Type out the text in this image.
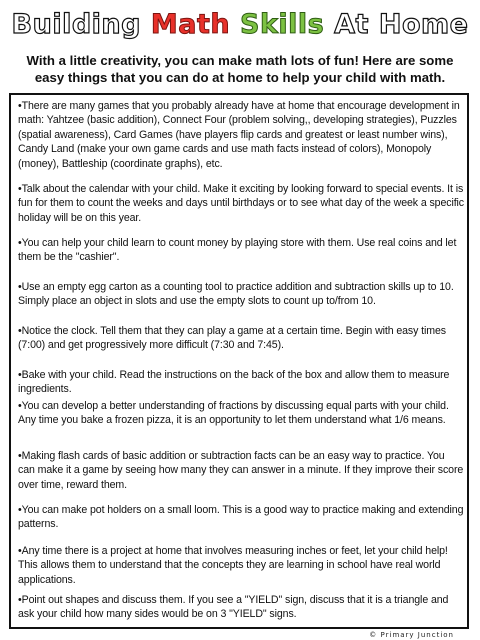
Building Math Skills At Home
With a little creativity, you can make math lots of fun! Here are some easy things that you can do at home to help your child with math.

•There are many games that you probably already have at home that encourage development in math: Yahtzee (basic addition), Connect Four (problem solving,, developing strategies), Puzzles (spatial awareness), Card Games (have players flip cards and greatest or least number wins), Candy Land (make your own game cards and use math facts instead of colors), Monopoly (money), Battleship (coordinate graphs), etc.

•Talk about the calendar with your child. Make it exciting by looking forward to special events. It is fun for them to count the weeks and days until birthdays or to see what day of the week a specific holiday will be on this year.

•You can help your child learn to count money by playing store with them. Use real coins and let them be the "cashier".

•Use an empty egg carton as a counting tool to practice addition and subtraction skills up to 10. Simply place an object in slots and use the empty slots to count up to/from 10.

•Notice the clock. Tell them that they can play a game at a certain time. Begin with easy times (7:00) and get progressively more difficult (7:30 and 7:45).

•Bake with your child. Read the instructions on the back of the box and allow them to measure ingredients.

•You can develop a better understanding of fractions by discussing equal parts with your child. Any time you bake a frozen pizza, it is an opportunity to let them understand what 1/6 means.

•Making flash cards of basic addition or subtraction facts can be an easy way to practice. You can make it a game by seeing how many they can answer in a minute. If they improve their score over time, reward them.

•You can make pot holders on a small loom. This is a good way to practice making and extending patterns.

•Any time there is a project at home that involves measuring inches or feet, let your child help! This allows them to understand that the concepts they are learning in school have real world applications.

•Point out shapes and discuss them. If you see a "YIELD" sign, discuss that it is a triangle and ask your child how many sides would be on 3 "YIELD" signs.

© Primary Junction
